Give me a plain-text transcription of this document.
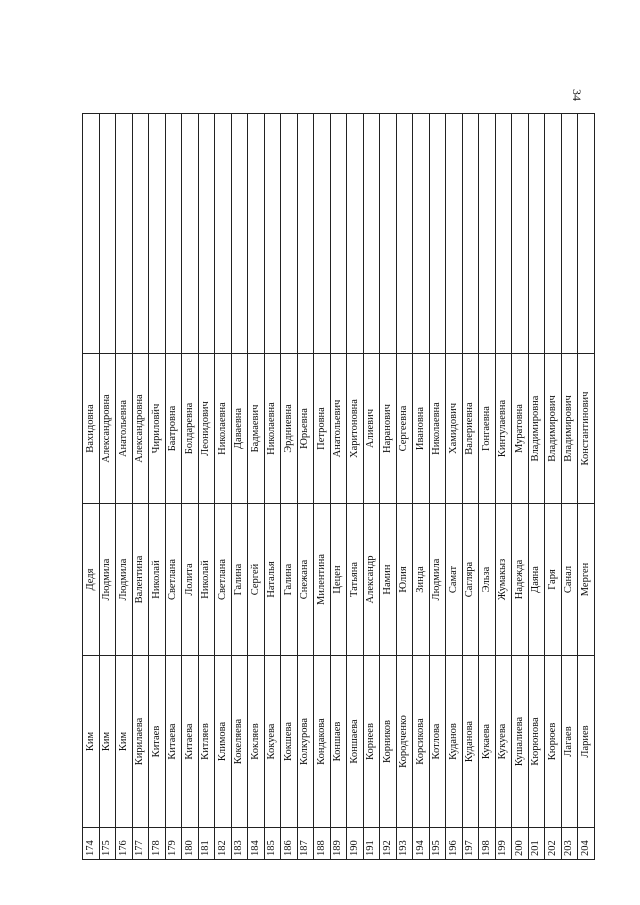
34
174	Ким	Дедя	Вахидовна	
175	Ким	Людмила	Александровна	
176	Ким	Людмила	Анатольевна	
177	Кирилаева	Валентина	Александровна	
178	Китаев	Николай	Чириловйч	
179	Китаева	Светлана	Баатровна	
180	Китаева	Лолита	Болдаревна	
181	Китляев	Николай	Леонидович	
182	Климова	Светлана	Николаевна	
183	Кокеляева	Галина	Даваевна	
184	Кокляев	Сергей	Бадмаевич	
185	Кокуева	Наталья	Николаевна	
186	Кокшева	Галина	Эрдниевна	
187	Колкурова	Снежана	Юрьевна	
188	Кондакова	Милентина	Петровна	
189	Коншаев	Цецен	Анатольевич	
190	Коншаева	Татьяна	Харитоновна	
191	Корнеев	Александр	Алиевич	
192	Корников	Намин	Наранович	
193	Кородченко	Юлия	Сергеевна	
194	Корсикова	Зинда	Ивановна	
195	Котлова	Людмила	Николаевна	
196	Куданов	Самат	Хамидович	
197	Куданова	Сагляра	Валериевна	
198	Кукаева	Эльза	Гонгаевна	
199	Кукуева	Жумакыз	Кинтулаевна	
200	Кушалиева	Надежда	Муратовна	
201	Кюрюнова	Даяна	Владимировна	
202	Кюрюев	Гаря	Владимирович	
203	Лагаев	Санал	Владимирович	
204	Лариев	Мерген	Константинович	
